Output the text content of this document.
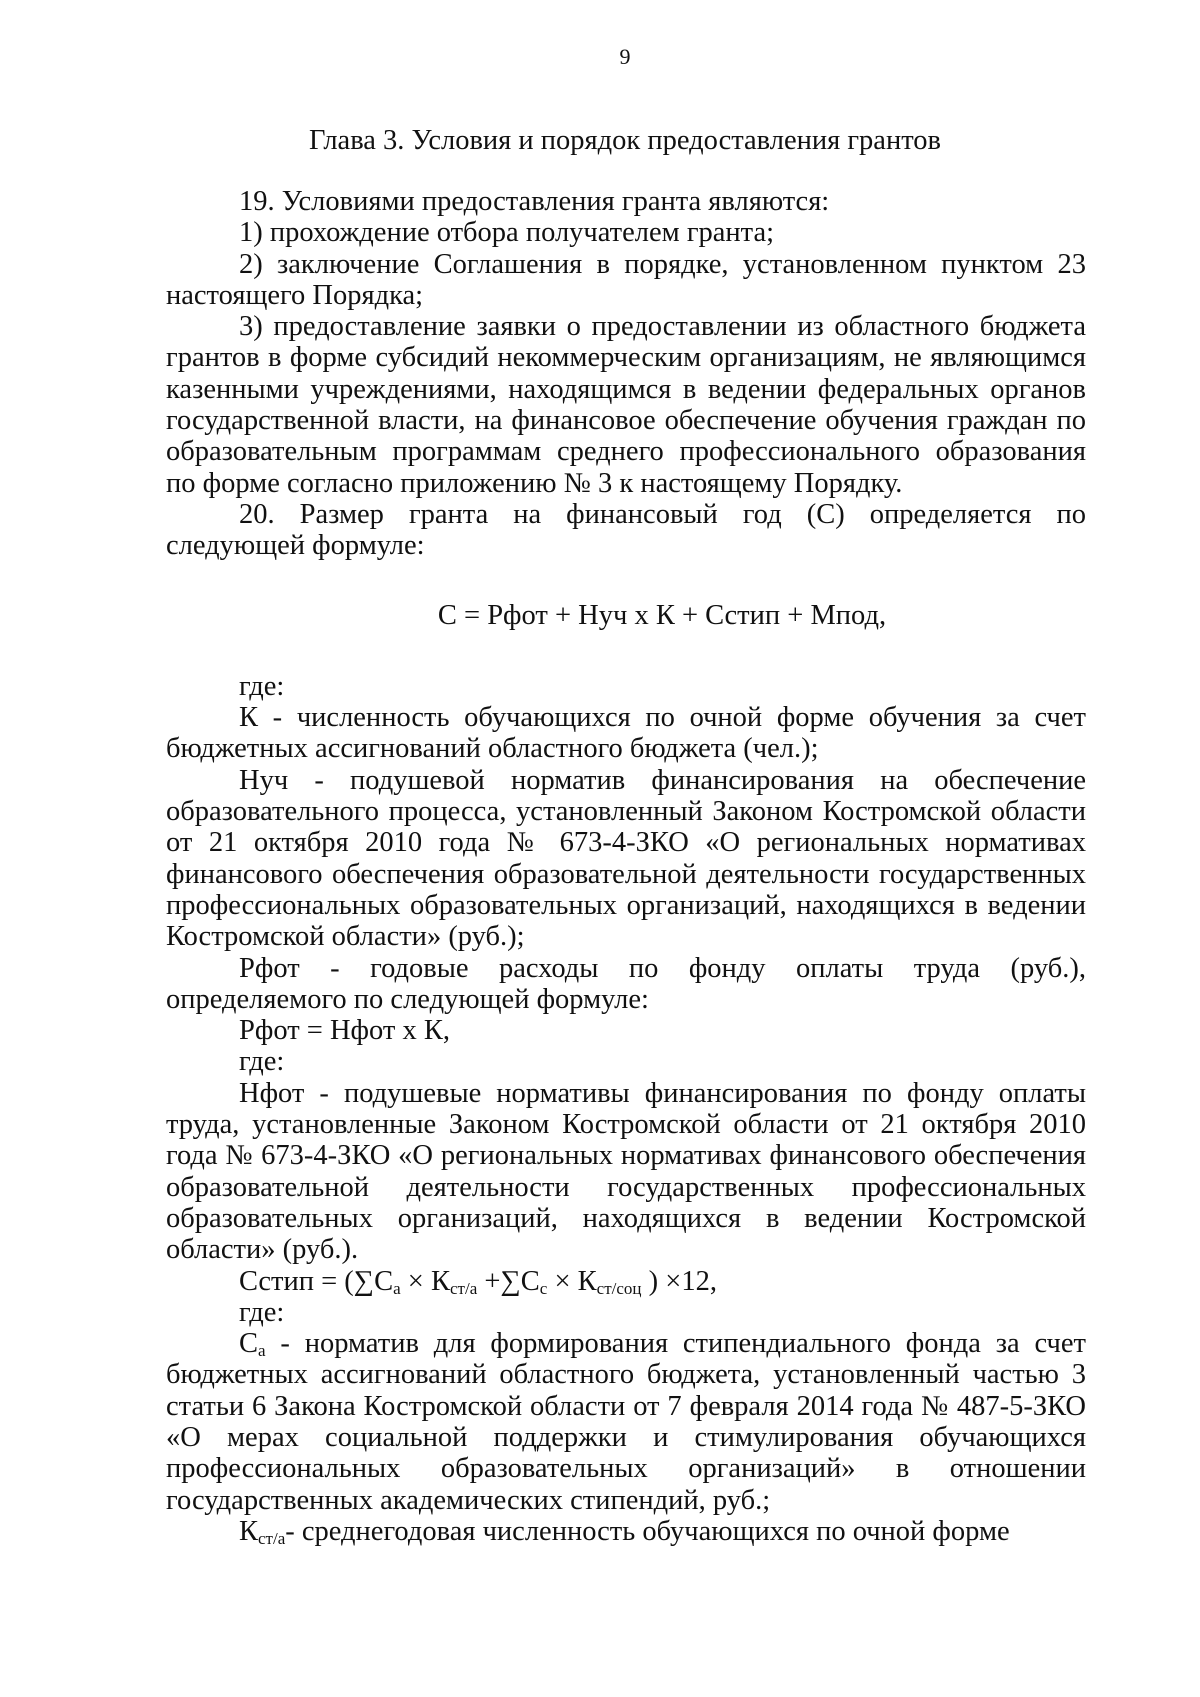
9
Глава 3. Условия и порядок предоставления грантов

19. Условиями предоставления гранта являются:

1) прохождение отбора получателем гранта;

2) заключение Соглашения в порядке, установленном пунктом 23 настоящего Порядка;

3) предоставление заявки о предоставлении из областного бюджета грантов в форме субсидий некоммерческим организациям, не являющимся казенными учреждениями, находящимся в ведении федеральных органов государственной власти, на финансовое обеспечение обучения граждан по образовательным программам среднего профессионального образования по форме согласно приложению № 3 к настоящему Порядку.

20. Размер гранта на финансовый год (С) определяется по следующей формуле:

С = Рфот + Нуч х К + Сстип + Мпод,

где:

К - численность обучающихся по очной форме обучения за счет бюджетных ассигнований областного бюджета (чел.);

Нуч - подушевой норматив финансирования на обеспечение образовательного процесса, установленный Законом Костромской области от 21 октября 2010 года № 673-4-ЗКО «О региональных нормативах финансового обеспечения образовательной деятельности государственных профессиональных образовательных организаций, находящихся в ведении Костромской области» (руб.);

Рфот - годовые расходы по фонду оплаты труда (руб.), определяемого по следующей формуле:

Рфот = Нфот х К,

где:

Нфот - подушевые нормативы финансирования по фонду оплаты труда, установленные Законом Костромской области от 21 октября 2010 года № 673-4-ЗКО «О региональных нормативах финансового обеспечения образовательной деятельности государственных профессиональных образовательных организаций, находящихся в ведении Костромской области» (руб.).

Сстип = ($\sum С_а \times К_{ст/а} +\sum С_с \times К_{ст/соц}$ ) ×12,

где:

$С_а$ - норматив для формирования стипендиального фонда за счет бюджетных ассигнований областного бюджета, установленный частью 3 статьи 6 Закона Костромской области от 7 февраля 2014 года № 487-5-ЗКО «О мерах социальной поддержки и стимулирования обучающихся профессиональных образовательных организаций» в отношении государственных академических стипендий, руб.;

$К_{ст/а}-$ среднегодовая численность обучающихся по очной форме
